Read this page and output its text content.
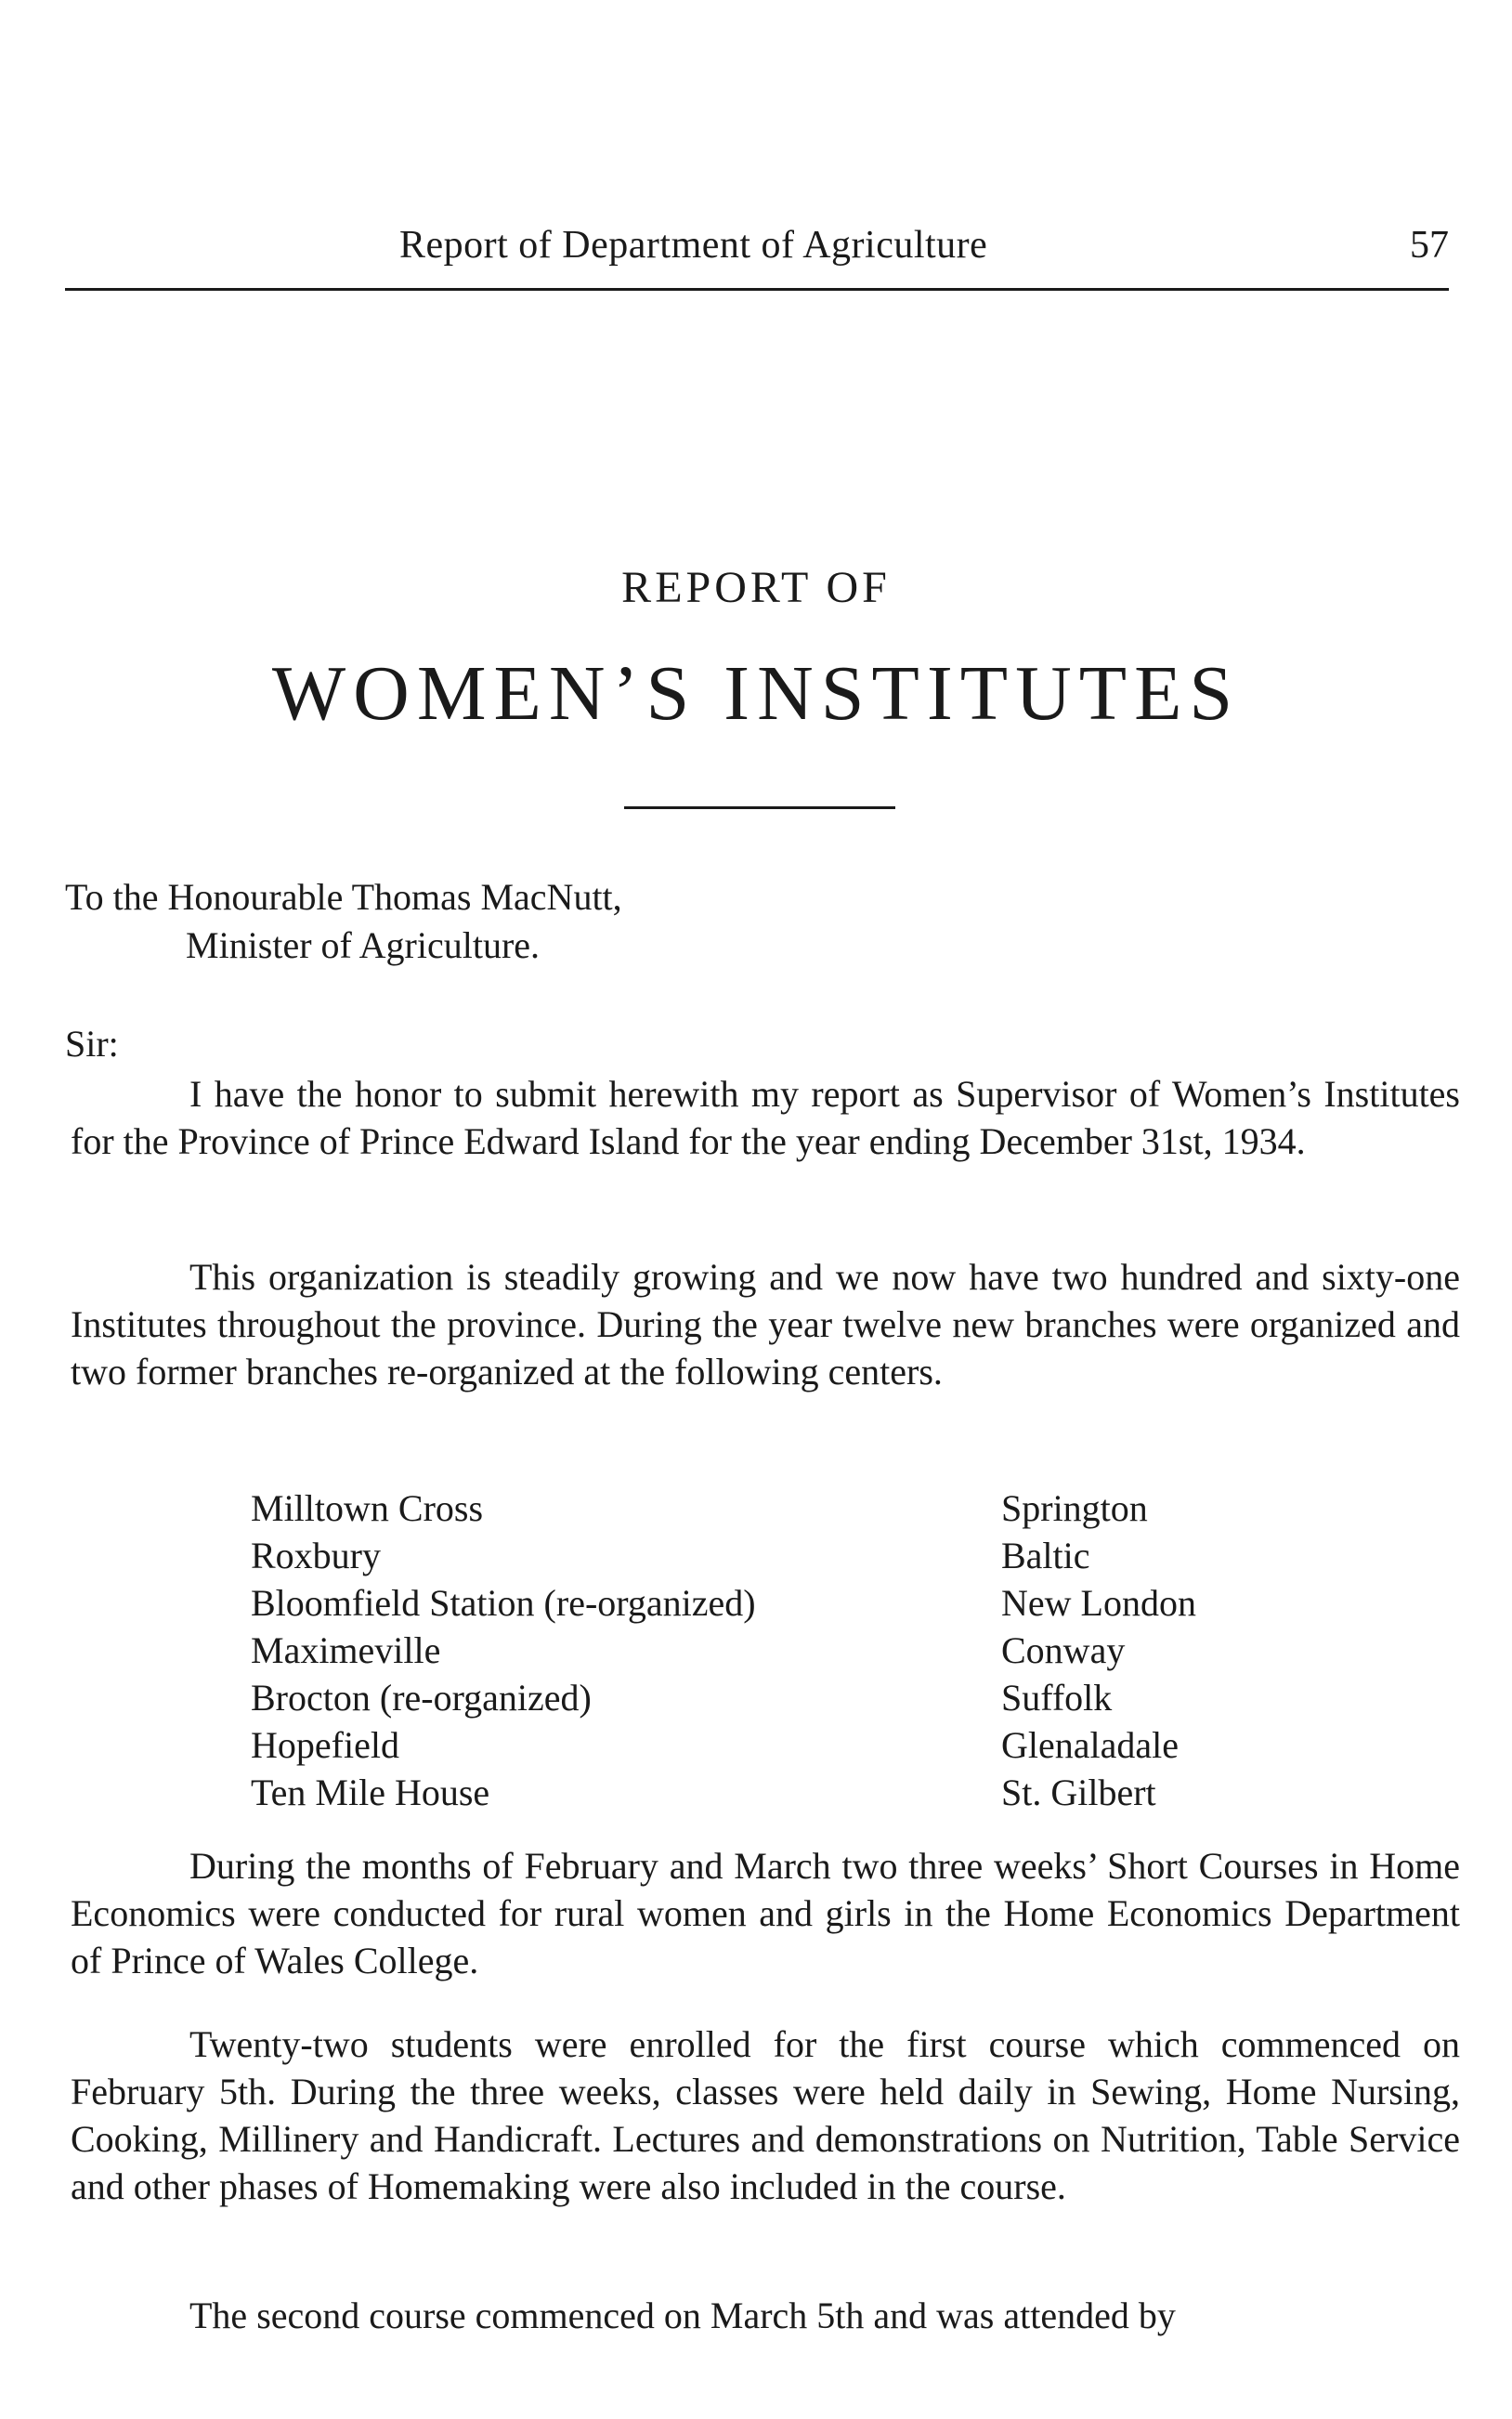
Report of Department of Agriculture	57
REPORT OF
WOMEN’S INSTITUTES
To the Honourable Thomas MacNutt,
Minister of Agriculture.
Sir:
I have the honor to submit herewith my report as Supervisor of Women’s Institutes for the Province of Prince Edward Island for the year ending December 31st, 1934.
This organization is steadily growing and we now have two hundred and sixty-one Institutes throughout the province. During the year twelve new branches were organized and two former branches re-organized at the following centers.
Milltown Cross
Roxbury
Bloomfield Station (re-organized)
Maximeville
Brocton (re-organized)
Hopefield
Ten Mile House
Springton
Baltic
New London
Conway
Suffolk
Glenaladale
St. Gilbert
During the months of February and March two three weeks’ Short Courses in Home Economics were conducted for rural women and girls in the Home Economics Department of Prince of Wales College.
Twenty-two students were enrolled for the first course which commenced on February 5th. During the three weeks, classes were held daily in Sewing, Home Nursing, Cooking, Millinery and Handicraft. Lectures and demonstrations on Nutrition, Table Service and other phases of Homemaking were also included in the course.
The second course commenced on March 5th and was attended by
